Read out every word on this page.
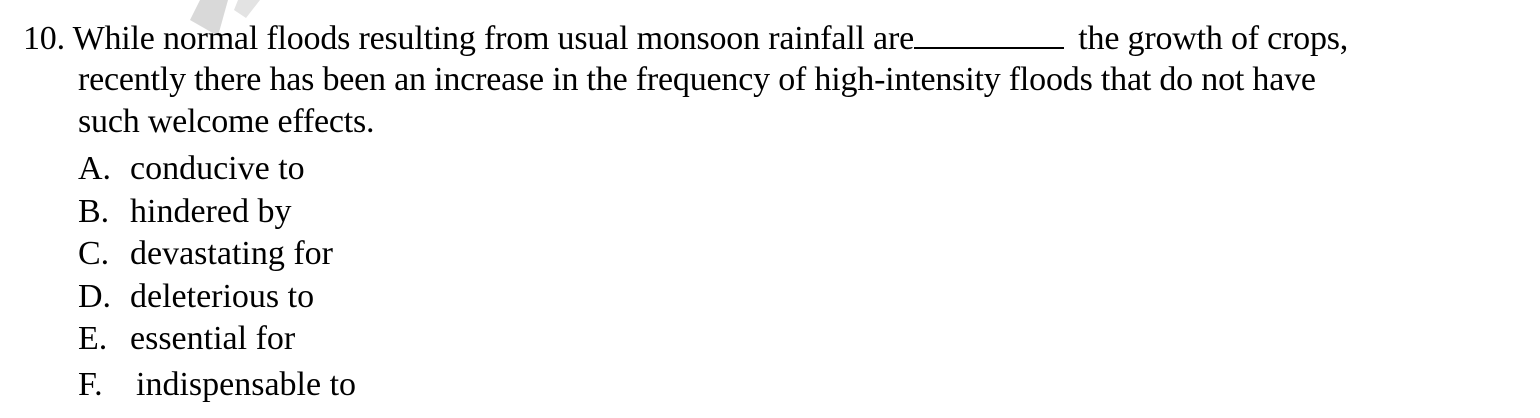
10. While normal floods resulting from usual monsoon rainfall are	the growth of crops,
recently there has been an increase in the frequency of high-intensity floods that do not have
such welcome effects.
A. conducive to
B. hindered by
C. devastating for
D. deleterious to
E. essential for
F. indispensable to
